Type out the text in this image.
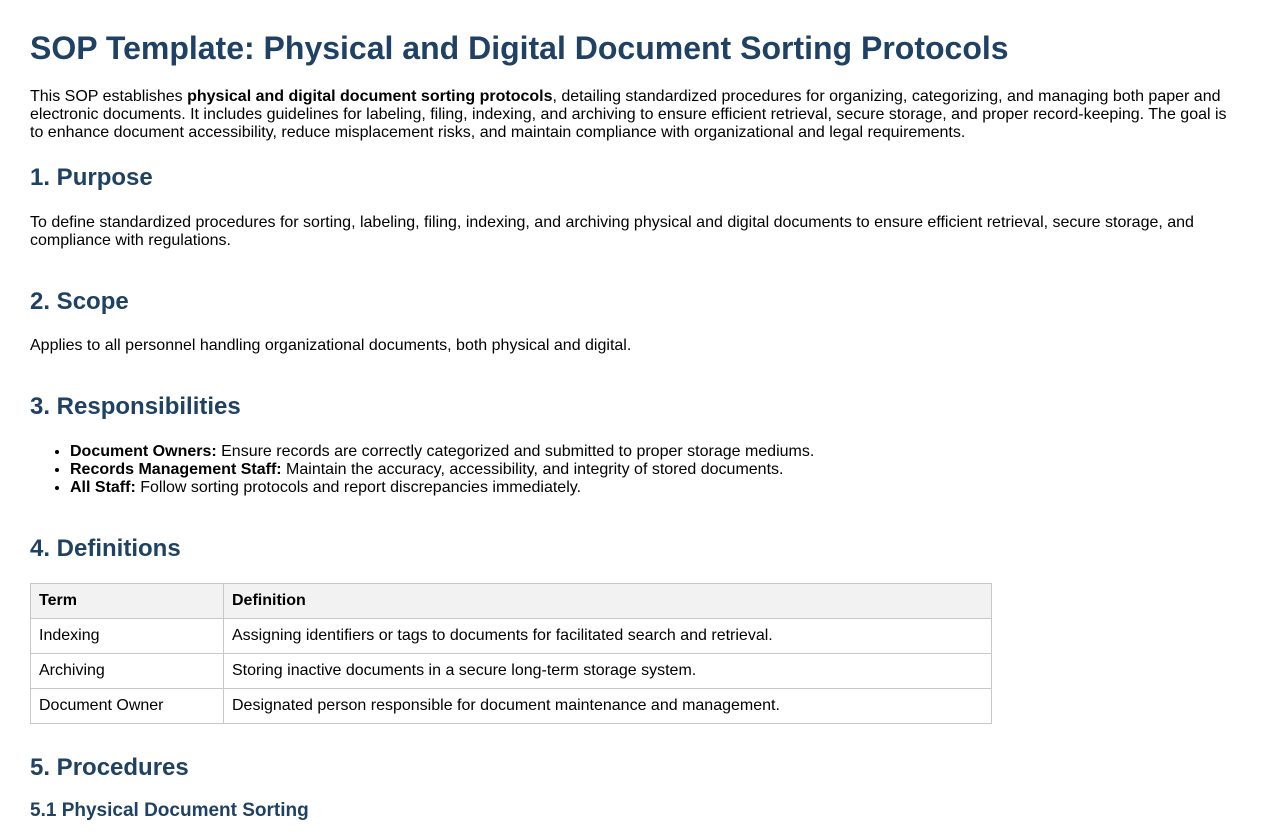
SOP Template: Physical and Digital Document Sorting Protocols

This SOP establishes physical and digital document sorting protocols, detailing standardized procedures for organizing, categorizing, and managing both paper and electronic documents. It includes guidelines for labeling, filing, indexing, and archiving to ensure efficient retrieval, secure storage, and proper record-keeping. The goal is to enhance document accessibility, reduce misplacement risks, and maintain compliance with organizational and legal requirements.

1. Purpose

To define standardized procedures for sorting, labeling, filing, indexing, and archiving physical and digital documents to ensure efficient retrieval, secure storage, and compliance with regulations.

2. Scope

Applies to all personnel handling organizational documents, both physical and digital.

3. Responsibilities
• Document Owners: Ensure records are correctly categorized and submitted to proper storage mediums.
• Records Management Staff: Maintain the accuracy, accessibility, and integrity of stored documents.
• All Staff: Follow sorting protocols and report discrepancies immediately.
4. Definitions
Term	Definition
Indexing	Assigning identifiers or tags to documents for facilitated search and retrieval.
Archiving	Storing inactive documents in a secure long-term storage system.
Document Owner	Designated person responsible for document maintenance and management.
5. Procedures
5.1 Physical Document Sorting
